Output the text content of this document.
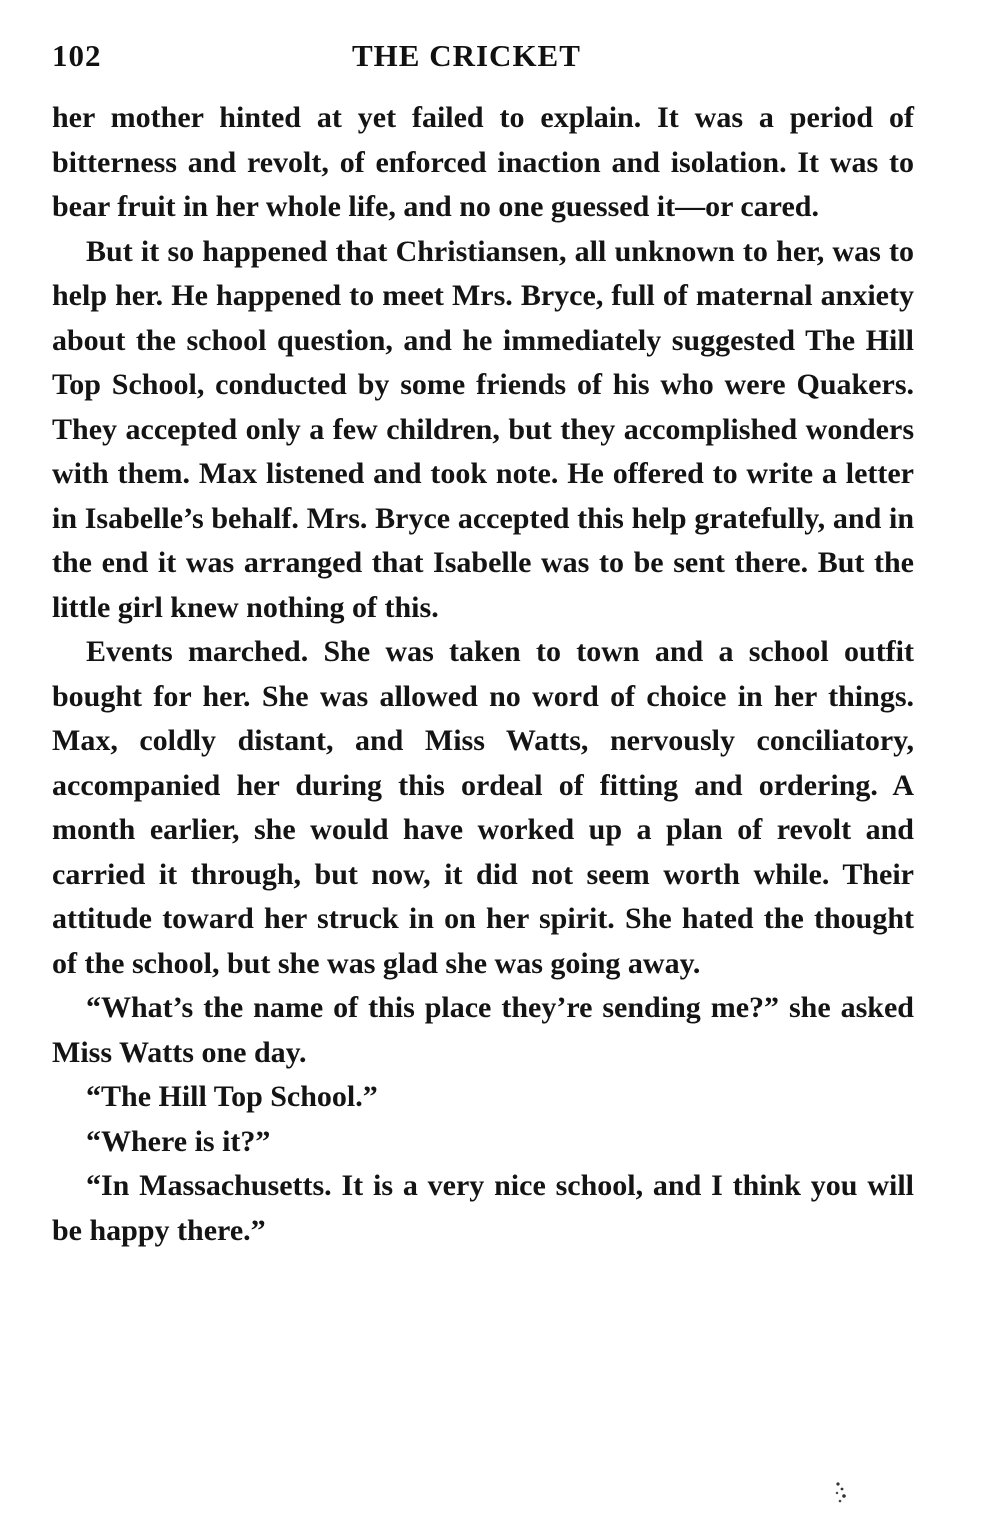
102	THE CRICKET

her mother hinted at yet failed to explain. It was a period of bitterness and revolt, of enforced inaction and isolation. It was to bear fruit in her whole life, and no one guessed it—or cared.

But it so happened that Christiansen, all unknown to her, was to help her. He happened to meet Mrs. Bryce, full of maternal anxiety about the school question, and he immediately suggested The Hill Top School, conducted by some friends of his who were Quakers. They accepted only a few children, but they accomplished wonders with them. Max listened and took note. He offered to write a letter in Isabelle’s behalf. Mrs. Bryce accepted this help gratefully, and in the end it was arranged that Isabelle was to be sent there. But the little girl knew nothing of this.

Events marched. She was taken to town and a school outfit bought for her. She was allowed no word of choice in her things. Max, coldly distant, and Miss Watts, nervously conciliatory, accompanied her during this ordeal of fitting and ordering. A month earlier, she would have worked up a plan of revolt and carried it through, but now, it did not seem worth while. Their attitude toward her struck in on her spirit. She hated the thought of the school, but she was glad she was going away.

“What’s the name of this place they’re sending me?” she asked Miss Watts one day.

“The Hill Top School.”

“Where is it?”

“In Massachusetts. It is a very nice school, and I think you will be happy there.”
